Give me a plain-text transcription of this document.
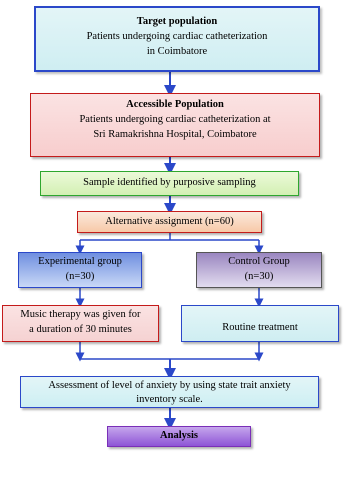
Target population
Patients undergoing cardiac catheterization
in Coimbatore
Accessible Population
Patients undergoing cardiac catheterization at
Sri Ramakrishna Hospital, Coimbatore
Sample identified by purposive sampling
Alternative assignment (n=60)
Experimental group
(n=30)
Control Group
(n=30)
Music therapy was given for
a duration of 30 minutes	Routine treatment
Assessment of level of anxiety by using state trait anxiety
inventory scale.
Analysis
